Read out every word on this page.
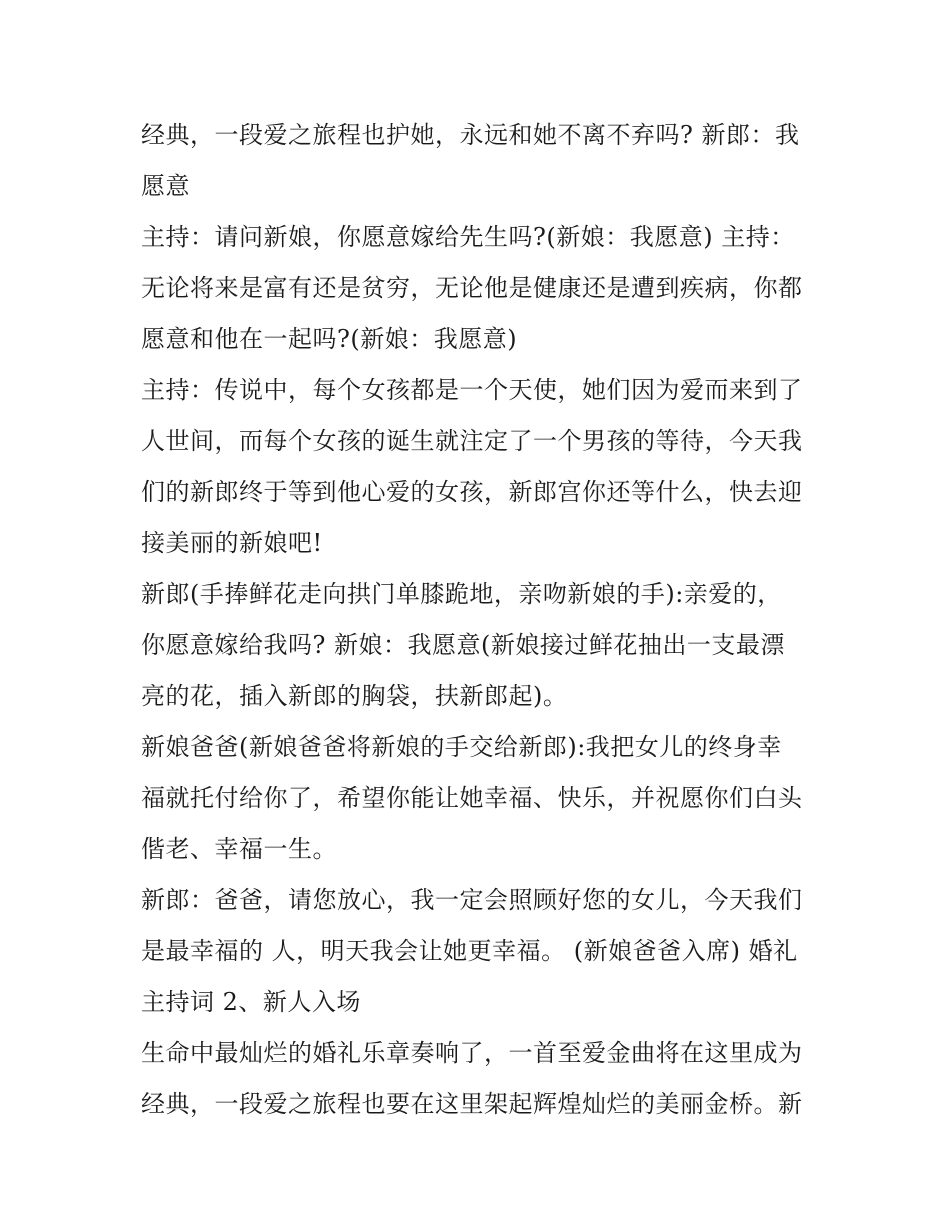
经典，一段爱之旅程也护她，永远和她不离不弃吗? 新郎：我
愿意
主持：请问新娘，你愿意嫁给先生吗?(新娘：我愿意) 主持：
无论将来是富有还是贫穷，无论他是健康还是遭到疾病，你都
愿意和他在一起吗?(新娘：我愿意)
主持：传说中，每个女孩都是一个天使，她们因为爱而来到了
人世间，而每个女孩的诞生就注定了一个男孩的等待，今天我
们的新郎终于等到他心爱的女孩，新郎宫你还等什么，快去迎
接美丽的新娘吧!
新郎(手捧鲜花走向拱门单膝跪地，亲吻新娘的手):亲爱的，
你愿意嫁给我吗? 新娘：我愿意(新娘接过鲜花抽出一支最漂
亮的花，插入新郎的胸袋，扶新郎起)。
新娘爸爸(新娘爸爸将新娘的手交给新郎):我把女儿的终身幸
福就托付给你了，希望你能让她幸福、快乐，并祝愿你们白头
偕老、幸福一生。
新郎：爸爸，请您放心，我一定会照顾好您的女儿，今天我们
是最幸福的 人，明天我会让她更幸福。 (新娘爸爸入席) 婚礼
主持词 2、新人入场
生命中最灿烂的婚礼乐章奏响了，一首至爱金曲将在这里成为
经典，一段爱之旅程也要在这里架起辉煌灿烂的美丽金桥。新
